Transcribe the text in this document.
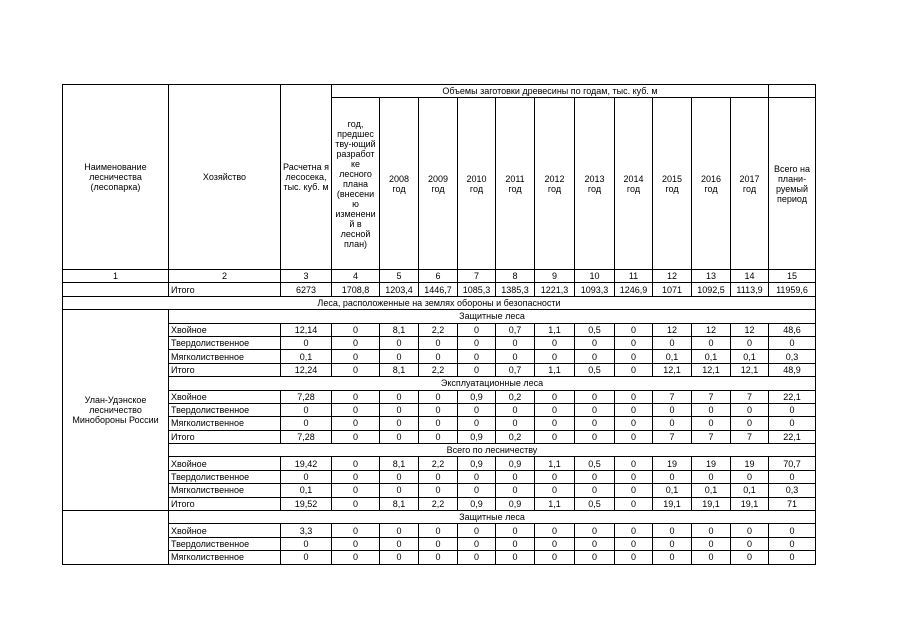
Наименование лесничества (лесопарка)	Хозяйство	Расчетна я лесосека, тыс. куб. м	Объемы заготовки древесины по годам, тыс. куб. м											
			год, предшес тву-ющий разработ ке лесного плана (внесени ю изменени й в лесной план)	2008 год	2009 год	2010 год	2011 год	2012 год	2013 год	2014 год	2015 год	2016 год	2017 год	Всего на плани-руемый период
1	2	3	4	5	6	7	8	9	10	11	12	13	14	15
	Итого	6273	1708,8	1203,4	1446,7	1085,3	1385,3	1221,3	1093,3	1246,9	1071	1092,5	1113,9	11959,6
Леса, расположенные на землях обороны и безопасности														
Улан-Удэнское лесничество Минобороны России	Защитные леса													
	Хвойное	12,14	0	8,1	2,2	0	0,7	1,1	0,5	0	12	12	12	48,6
	Твердолиственное	0	0	0	0	0	0	0	0	0	0	0	0	0
	Мягколиственное	0,1	0	0	0	0	0	0	0	0	0,1	0,1	0,1	0,3
	Итого	12,24	0	8,1	2,2	0	0,7	1,1	0,5	0	12,1	12,1	12,1	48,9
	Эксплуатационные леса													
	Хвойное	7,28	0	0	0	0,9	0,2	0	0	0	7	7	7	22,1
	Твердолиственное	0	0	0	0	0	0	0	0	0	0	0	0	0
	Мягколиственное	0	0	0	0	0	0	0	0	0	0	0	0	0
	Итого	7,28	0	0	0	0,9	0,2	0	0	0	7	7	7	22,1
	Всего по лесничеству													
	Хвойное	19,42	0	8,1	2,2	0,9	0,9	1,1	0,5	0	19	19	19	70,7
	Твердолиственное	0	0	0	0	0	0	0	0	0	0	0	0	0
	Мягколиственное	0,1	0	0	0	0	0	0	0	0	0,1	0,1	0,1	0,3
	Итого	19,52	0	8,1	2,2	0,9	0,9	1,1	0,5	0	19,1	19,1	19,1	71
	Защитные леса													
	Хвойное	3,3	0	0	0	0	0	0	0	0	0	0	0	0
	Твердолиственное	0	0	0	0	0	0	0	0	0	0	0	0	0
	Мягколиственное	0	0	0	0	0	0	0	0	0	0	0	0	0
